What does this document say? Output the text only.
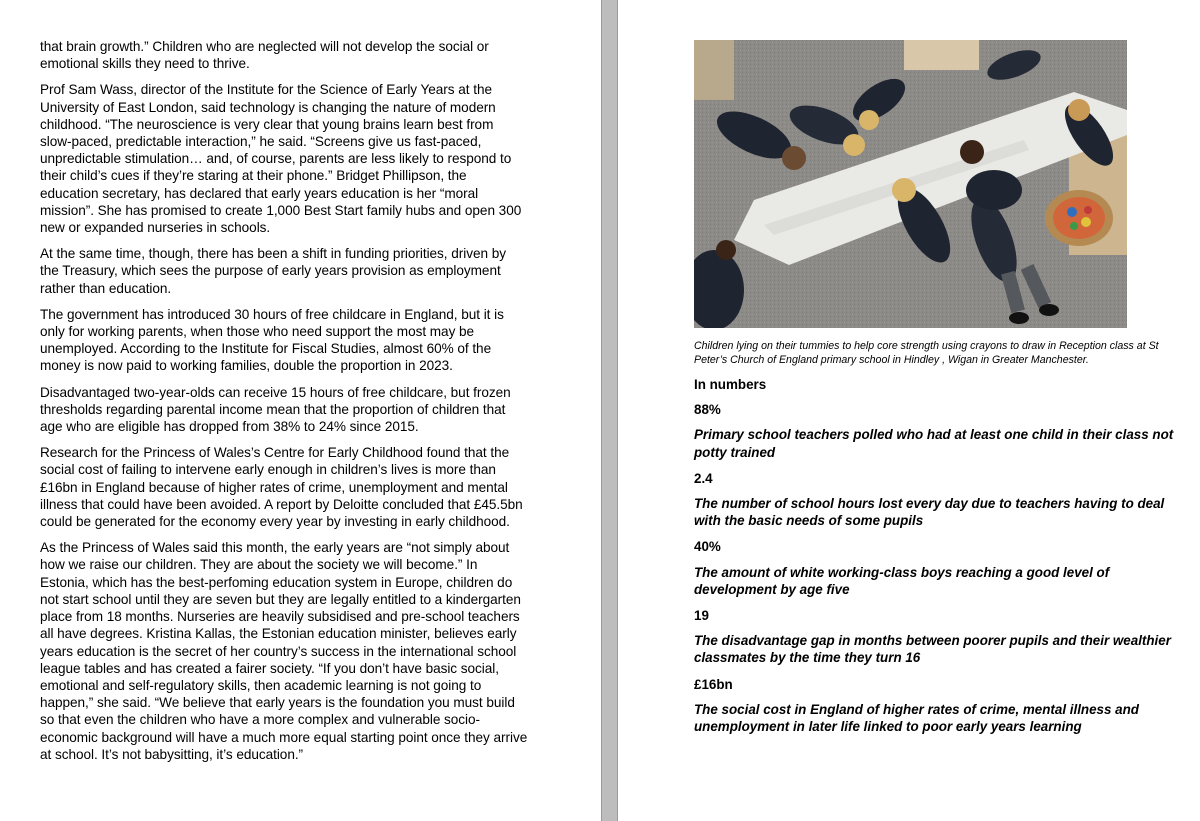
that brain growth.” Children who are neglected will not develop the social or emotional skills they need to thrive.

Prof Sam Wass, director of the Institute for the Science of Early Years at the University of East London, said technology is changing the nature of modern childhood. “The neuroscience is very clear that young brains learn best from slow-paced, predictable interaction,” he said. “Screens give us fast-paced, unpredictable stimulation… and, of course, parents are less likely to respond to their child’s cues if they’re staring at their phone.” Bridget Phillipson, the education secretary, has declared that early years education is her “moral mission”. She has promised to create 1,000 Best Start family hubs and open 300 new or expanded nurseries in schools.

At the same time, though, there has been a shift in funding priorities, driven by the Treasury, which sees the purpose of early years provision as employment rather than education.

The government has introduced 30 hours of free childcare in England, but it is only for working parents, when those who need support the most may be unemployed. According to the Institute for Fiscal Studies, almost 60% of the money is now paid to working families, double the proportion in 2023.

Disadvantaged two-year-olds can receive 15 hours of free childcare, but frozen thresholds regarding parental income mean that the proportion of children that age who are eligible has dropped from 38% to 24% since 2015.

Research for the Princess of Wales’s Centre for Early Childhood found that the social cost of failing to intervene early enough in children’s lives is more than £16bn in England because of higher rates of crime, unemployment and mental illness that could have been avoided. A report by Deloitte concluded that £45.5bn could be generated for the economy every year by investing in early childhood.

As the Princess of Wales said this month, the early years are “not simply about how we raise our children. They are about the society we will become.” In Estonia, which has the best-perfoming education system in Europe, children do not start school until they are seven but they are legally entitled to a kindergarten place from 18 months. Nurseries are heavily subsidised and pre-school teachers all have degrees. Kristina Kallas, the Estonian education minister, believes early years education is the secret of her country’s success in the international school league tables and has created a fairer society. “If you don’t have basic social, emotional and self-regulatory skills, then academic learning is not going to happen,” she said. “We believe that early years is the foundation you must build so that even the children who have a more complex and vulnerable socio-economic background will have a much more equal starting point once they arrive at school. It’s not babysitting, it’s education.”

Children lying on their tummies to help core strength using crayons to draw in Reception class at St Peter’s Church of England primary school in Hindley , Wigan in Greater Manchester.
In numbers
88%
Primary school teachers polled who had at least one child in their class not potty trained
2.4
The number of school hours lost every day due to teachers having to deal with the basic needs of some pupils
40%
The amount of white working-class boys reaching a good level of development by age five
19
The disadvantage gap in months between poorer pupils and their wealthier classmates by the time they turn 16
£16bn
The social cost in England of higher rates of crime, mental illness and unemployment in later life linked to poor early years learning
